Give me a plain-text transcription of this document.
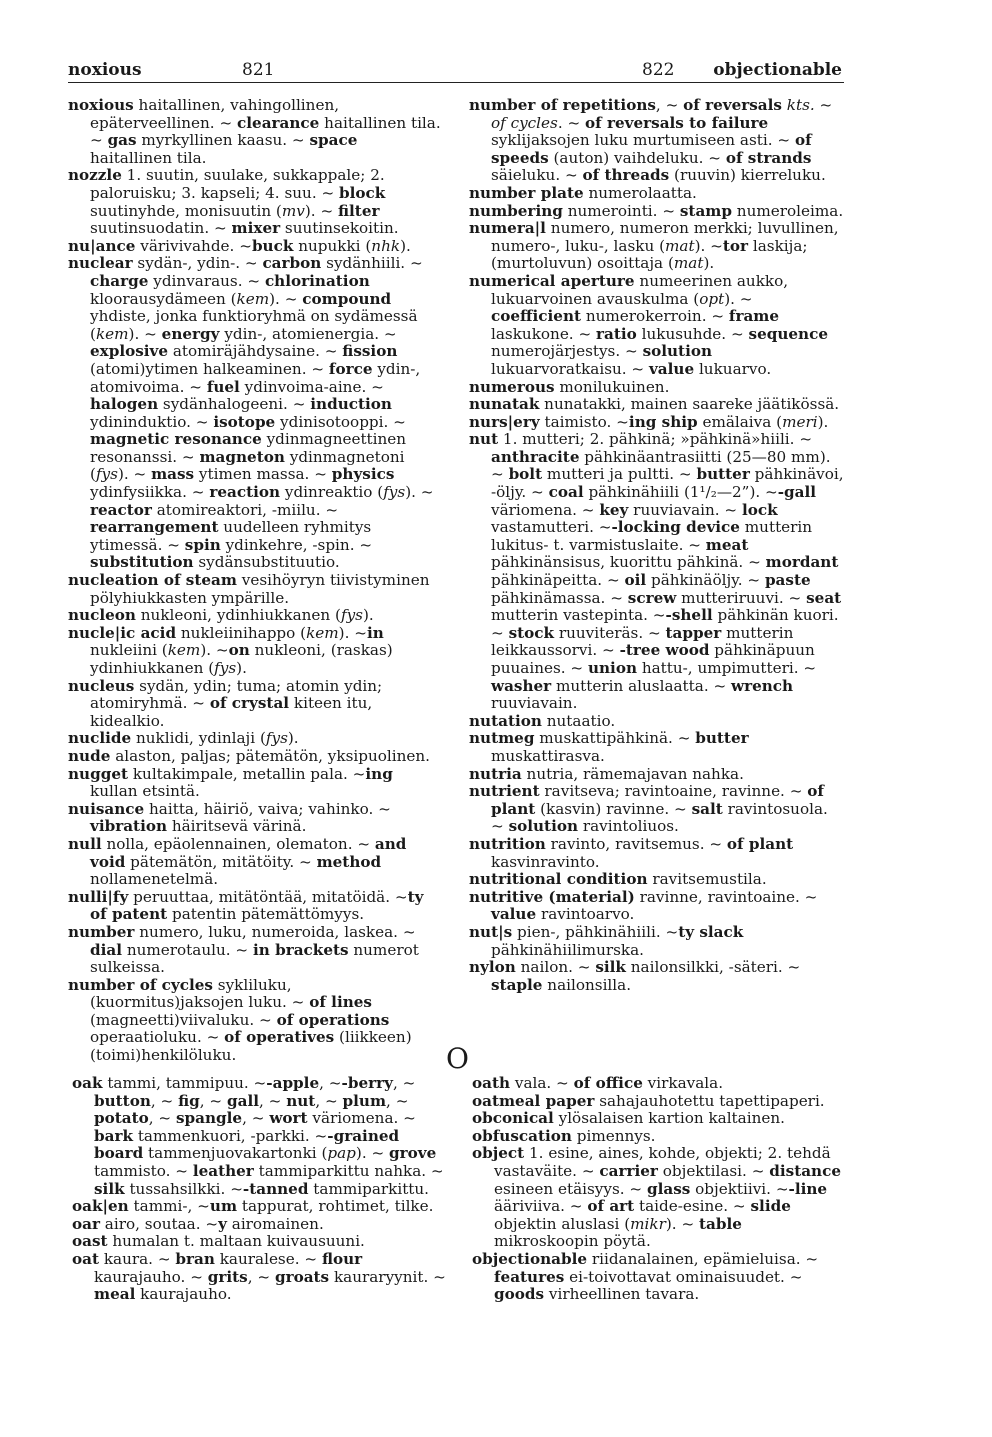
noxious	821	822 objectionable

noxious haitallinen, vahingollinen, epäterveellinen. ~ clearance haitallinen tila. ~ gas myrkyllinen kaasu. ~ space haitallinen tila.

nozzle 1. suutin, suulake, sukkappale; 2. paloruisku; 3. kapseli; 4. suu. ~ block suutinyhde, monisuutin (mv). ~ filter suutinsuodatin. ~ mixer suutinsekoitin.

nu|ance värivivahde. ~buck nupukki (nhk).

nuclear sydän-, ydin-. ~ carbon sydänhiili. ~ charge ydinvaraus. ~ chlorination kloorausydämeen (kem). ~ compound yhdiste, jonka funktioryhmä on sydämessä (kem). ~ energy ydin-, atomienergia. ~ explosive atomiräjähdysaine. ~ fission (atomi)ytimen halkeaminen. ~ force ydin-, atomivoima. ~ fuel ydinvoima-aine. ~ halogen sydänhalogeeni. ~ induction ydininduktio. ~ isotope ydinisotooppi. ~ magnetic resonance ydinmagneettinen resonanssi. ~ magneton ydinmagnetoni (fys). ~ mass ytimen massa. ~ physics ydinfysiikka. ~ reaction ydinreaktio (fys). ~ reactor atomireaktori, -miilu. ~ rearrangement uudelleen ryhmitys ytimessä. ~ spin ydinkehre, -spin. ~ substitution sydänsubstituutio.

nucleation of steam vesihöyryn tiivistyminen pölyhiukkasten ympärille.

nucleon nukleoni, ydinhiukkanen (fys).

nucle|ic acid nukleiinihappo (kem). ~in nukleiini (kem). ~on nukleoni, (raskas) ydinhiukkanen (fys).

nucleus sydän, ydin; tuma; atomin ydin; atomiryhmä. ~ of crystal kiteen itu, kidealkio.

nuclide nuklidi, ydinlaji (fys).

nude alaston, paljas; pätemätön, yksipuolinen.

nugget kultakimpale, metallin pala. ~ing kullan etsintä.

nuisance haitta, häiriö, vaiva; vahinko. ~ vibration häiritsevä värinä.

null nolla, epäolennainen, olematon. ~ and void pätemätön, mitätöity. ~ method nollamenetelmä.

nulli|fy peruuttaa, mitätöntää, mitatöidä. ~ty of patent patentin pätemättömyys.

number numero, luku, numeroida, laskea. ~ dial numerotaulu. ~ in brackets numerot sulkeissa.

number of cycles sykliluku, (kuormitus)jaksojen luku. ~ of lines (magneetti)viivaluku. ~ of operations operaatioluku. ~ of operatives (liikkeen) (toimi)henkilöluku.

number of repetitions, ~ of reversals kts. ~ of cycles. ~ of reversals to failure syklijaksojen luku murtumiseen asti. ~ of speeds (auton) vaihdeluku. ~ of strands säieluku. ~ of threads (ruuvin) kierreluku.

number plate numerolaatta.

numbering numerointi. ~ stamp numeroleima.

numera|l numero, numeron merkki; luvullinen, numero-, luku-, lasku (mat). ~tor laskija; (murtoluvun) osoittaja (mat).

numerical aperture numeerinen aukko, lukuarvoinen avauskulma (opt). ~ coefficient numerokerroin. ~ frame laskukone. ~ ratio lukusuhde. ~ sequence numerojärjestys. ~ solution lukuarvoratkaisu. ~ value lukuarvo.

numerous monilukuinen.

nunatak nunatakki, mainen saareke jäätikössä.

nurs|ery taimisto. ~ing ship emälaiva (meri).

nut 1. mutteri; 2. pähkinä; »pähkinä»hiili. ~ anthracite pähkinäantrasiitti (25—80 mm). ~ bolt mutteri ja pultti. ~ butter pähkinävoi, -öljy. ~ coal pähkinähiili (1¹/₂—2”). ~-gall väriomena. ~ key ruuviavain. ~ lock vastamutteri. ~-locking device mutterin lukitus- t. varmistuslaite. ~ meat pähkinänsisus, kuorittu pähkinä. ~ mordant pähkinäpeitta. ~ oil pähkinäöljy. ~ paste pähkinämassa. ~ screw mutteriruuvi. ~ seat mutterin vastepinta. ~-shell pähkinän kuori. ~ stock ruuviteräs. ~ tapper mutterin leikkaussorvi. ~ -tree wood pähkinäpuun puuaines. ~ union hattu-, umpimutteri. ~ washer mutterin aluslaatta. ~ wrench ruuviavain.

nutation nutaatio.

nutmeg muskattipähkinä. ~ butter muskattirasva.

nutria nutria, rämemajavan nahka.

nutrient ravitseva; ravintoaine, ravinne. ~ of plant (kasvin) ravinne. ~ salt ravintosuola. ~ solution ravintoliuos.

nutrition ravinto, ravitsemus. ~ of plant kasvinravinto.

nutritional condition ravitsemustila.

nutritive (material) ravinne, ravintoaine. ~ value ravintoarvo.

nut|s pien-, pähkinähiili. ~ty slack pähkinähiilimurska.

nylon nailon. ~ silk nailonsilkki, -säteri. ~ staple nailonsilla.

O

oak tammi, tammipuu. ~-apple, ~-berry, ~ button, ~ fig, ~ gall, ~ nut, ~ plum, ~ potato, ~ spangle, ~ wort väriomena. ~ bark tammenkuori, -parkki. ~-grained board tammenjuovakartonki (pap). ~ grove tammisto. ~ leather tammiparkittu nahka. ~ silk tussahsilkki. ~-tanned tammiparkittu.

oak|en tammi-, ~um tappurat, rohtimet, tilke.

oar airo, soutaa. ~y airomainen.

oast humalan t. maltaan kuivausuuni.

oat kaura. ~ bran kauralese. ~ flour kaurajauho. ~ grits, ~ groats kauraryynit. ~ meal kaurajauho.

oath vala. ~ of office virkavala.

oatmeal paper sahajauhotettu tapettipaperi.

obconical ylösalaisen kartion kaltainen.

obfuscation pimennys.

object 1. esine, aines, kohde, objekti; 2. tehdä vastaväite. ~ carrier objektilasi. ~ distance esineen etäisyys. ~ glass objektiivi. ~-line ääriviiva. ~ of art taide-esine. ~ slide objektin aluslasi (mikr). ~ table mikroskoopin pöytä.

objectionable riidanalainen, epämieluisa. ~ features ei-toivottavat ominaisuudet. ~ goods virheellinen tavara.
